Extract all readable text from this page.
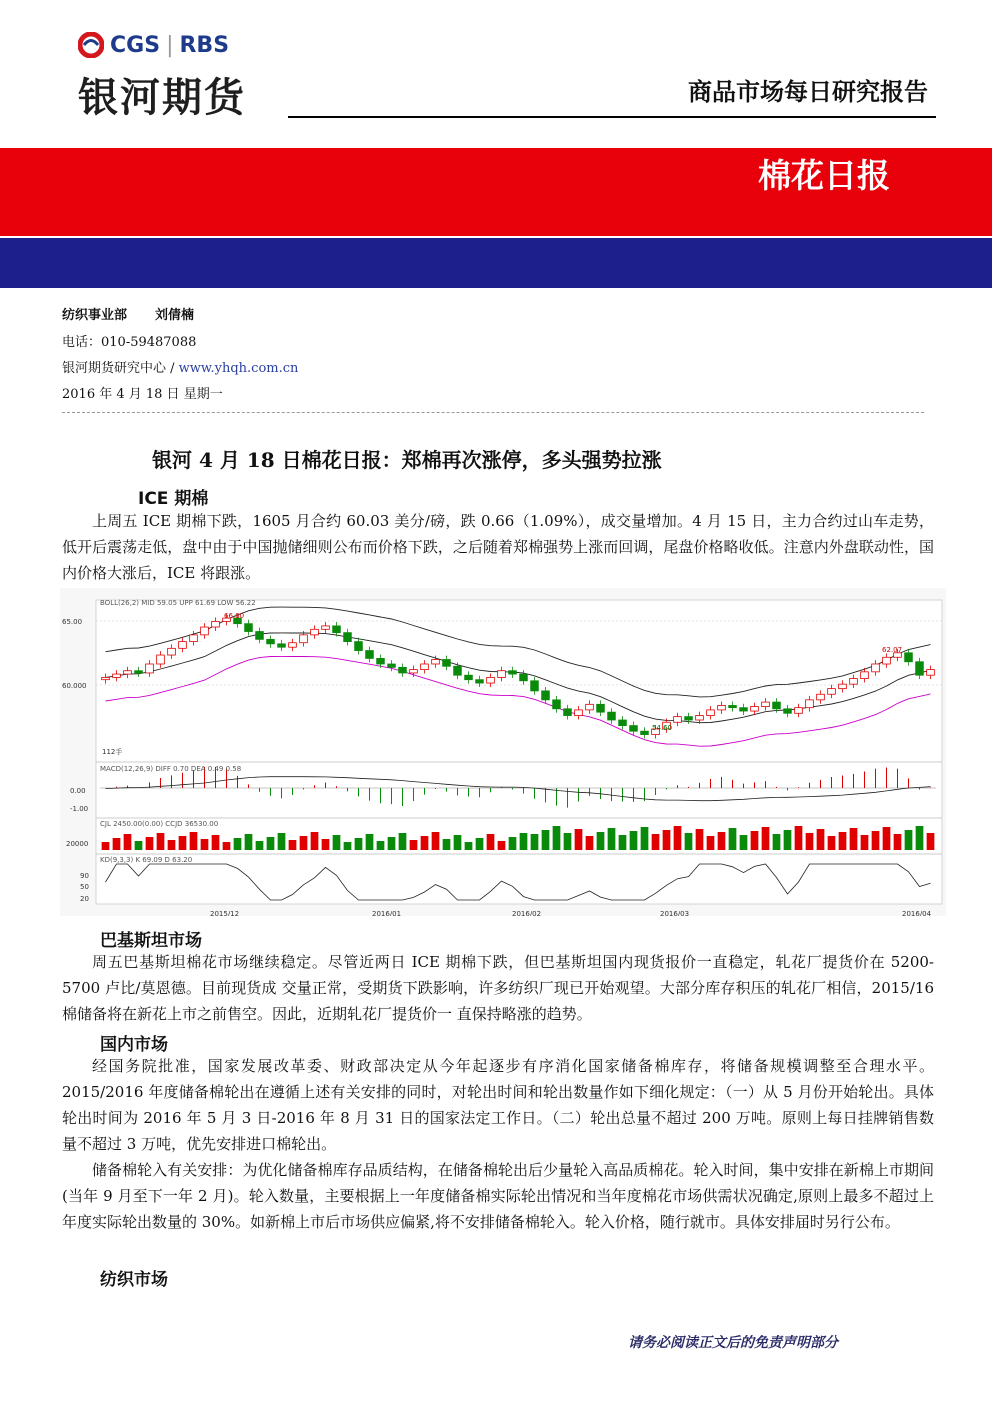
CGS | RBS
银河期货	商品市场每日研究报告
棉花日报
纺织事业部 刘倩楠
电话：010-59487088
银河期货研究中心 / www.yhqh.com.cn
2016 年 4 月 18 日 星期一
银河 4 月 18 日棉花日报：郑棉再次涨停，多头强势拉涨
ICE 期棉
上周五 ICE 期棉下跌，1605 月合约 60.03 美分/磅，跌 0.66（1.09%），成交量增加。4 月 15 日，主力合约过山车走势，低开后震荡走低，盘中由于中国抛储细则公布而价格下跌，之后随着郑棉强势上涨而回调，尾盘价格略收低。注意内外盘联动性，国内价格大涨后，ICE 将跟涨。
BOLL(26,2) MID 59.05 UPP 61.69 LOW 56.22
112手
MACD(12,26,9) DIFF 0.70 DEA 0.49 0.58
CJL 2450.00(0.00) CCJD 36530.00
KD(9,3,3) K 69.09 D 63.20
65.00
60.000
0.00
-1.00
20000
90
50
20
2015/12	2016/01	2016/02	2016/03	2016/04
66.60
54.60
62.07
巴基斯坦市场
周五巴基斯坦棉花市场继续稳定。尽管近两日 ICE 期棉下跌，但巴基斯坦国内现货报价一直稳定，轧花厂提货价在 5200-5700 卢比/莫恩德。目前现货成 交量正常，受期货下跌影响，许多纺织厂现已开始观望。大部分库存积压的轧花厂相信，2015/16 棉储备将在新花上市之前售空。因此，近期轧花厂提货价一 直保持略涨的趋势。
国内市场
经国务院批准，国家发展改革委、财政部决定从今年起逐步有序消化国家储备棉库存，将储备规模调整至合理水平。2015/2016 年度储备棉轮出在遵循上述有关安排的同时，对轮出时间和轮出数量作如下细化规定：（一）从 5 月份开始轮出。具体轮出时间为 2016 年 5 月 3 日-2016 年 8 月 31 日的国家法定工作日。（二）轮出总量不超过 200 万吨。原则上每日挂牌销售数量不超过 3 万吨，优先安排进口棉轮出。
储备棉轮入有关安排：为优化储备棉库存品质结构，在储备棉轮出后少量轮入高品质棉花。轮入时间，集中安排在新棉上市期间(当年 9 月至下一年 2 月)。轮入数量，主要根据上一年度储备棉实际轮出情况和当年度棉花市场供需状况确定,原则上最多不超过上年度实际轮出数量的 30%。如新棉上市后市场供应偏紧,将不安排储备棉轮入。轮入价格，随行就市。具体安排届时另行公布。
纺织市场
请务必阅读正文后的免责声明部分
